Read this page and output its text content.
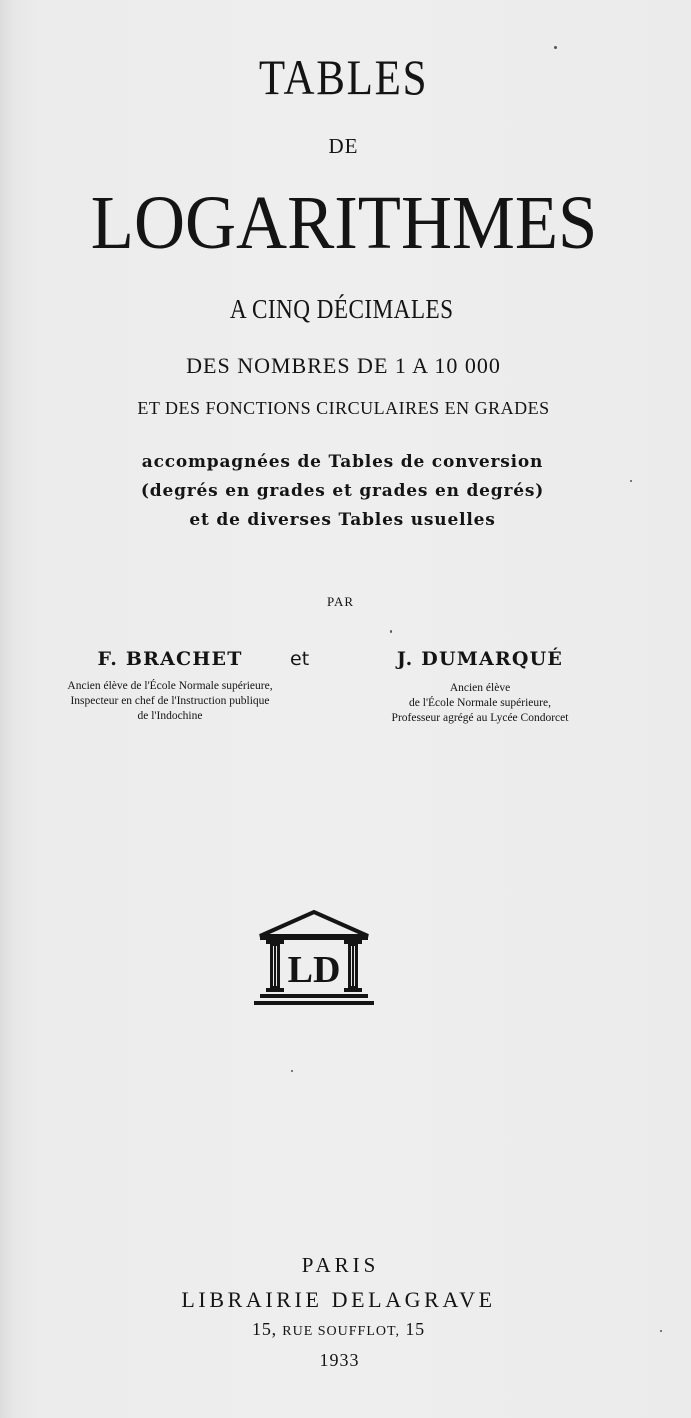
TABLES
DE
LOGARITHMES
A CINQ DÉCIMALES
DES NOMBRES DE 1 A 10 000
ET DES FONCTIONS CIRCULAIRES EN GRADES
accompagnées de Tables de conversion
(degrés en grades et grades en degrés)
et de diverses Tables usuelles
PAR
F. BRACHET
Ancien élève de l'École Normale supérieure,
Inspecteur en chef de l'Instruction publique
de l'Indochine
et	J. DUMARQUÉ
Ancien élève
de l'École Normale supérieure,
Professeur agrégé au Lycée Condorcet
LD
PARIS
LIBRAIRIE DELAGRAVE
15, RUE SOUFFLOT, 15
1933
